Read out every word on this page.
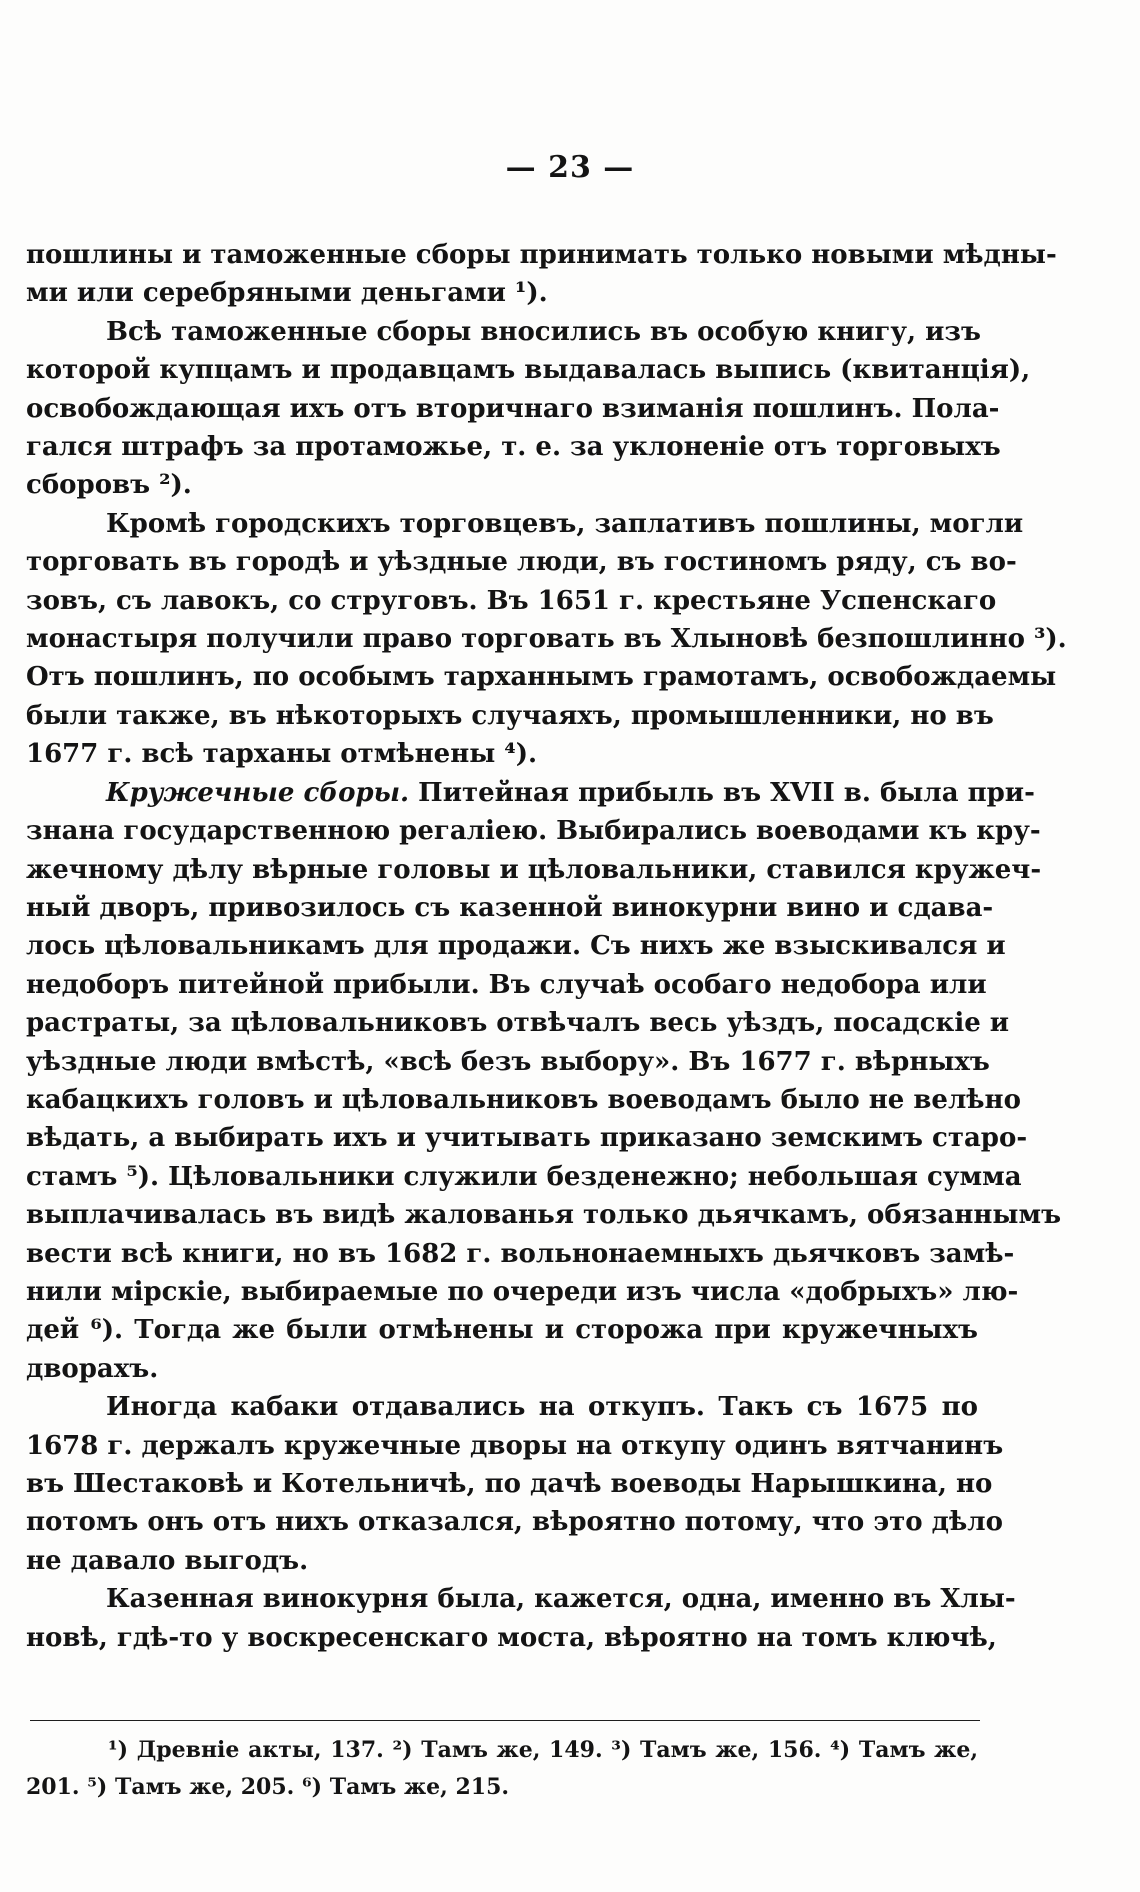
— 23 —

пошлины и таможенные сборы принимать только новыми мѣдны-
ми или серебряными деньгами ¹).

Всѣ таможенные сборы вносились въ особую книгу, изъ
которой купцамъ и продавцамъ выдавалась выпись (квитанція),
освобождающая ихъ отъ вторичнаго взиманія пошлинъ. Пола-
гался штрафъ за протаможье, т. е. за уклоненіе отъ торговыхъ
сборовъ ²).

Кромѣ городскихъ торговцевъ, заплативъ пошлины, могли
торговать въ городѣ и уѣздные люди, въ гостиномъ ряду, съ во-
зовъ, съ лавокъ, со струговъ. Въ 1651 г. крестьяне Успенскаго
монастыря получили право торговать въ Хлыновѣ безпошлинно ³).
Отъ пошлинъ, по особымъ тарханнымъ грамотамъ, освобождаемы
были также, въ нѣкоторыхъ случаяхъ, промышленники, но въ
1677 г. всѣ тарханы отмѣнены ⁴).

Кружечные сборы. Питейная прибыль въ XVII в. была при-
знана государственною регаліею. Выбирались воеводами къ кру-
жечному дѣлу вѣрные головы и цѣловальники, ставился кружеч-
ный дворъ, привозилось съ казенной винокурни вино и сдава-
лось цѣловальникамъ для продажи. Съ нихъ же взыскивался и
недоборъ питейной прибыли. Въ случаѣ особаго недобора или
растраты, за цѣловальниковъ отвѣчалъ весь уѣздъ, посадскіе и
уѣздные люди вмѣстѣ, «всѣ безъ выбору». Въ 1677 г. вѣрныхъ
кабацкихъ головъ и цѣловальниковъ воеводамъ было не велѣно
вѣдать, а выбирать ихъ и учитывать приказано земскимъ старо-
стамъ ⁵). Цѣловальники служили безденежно; небольшая сумма
выплачивалась въ видѣ жалованья только дьячкамъ, обязаннымъ
вести всѣ книги, но въ 1682 г. вольнонаемныхъ дьячковъ замѣ-
нили мірскіе, выбираемые по очереди изъ числа «добрыхъ» лю-
дей ⁶). Тогда же были отмѣнены и сторожа при кружечныхъ
дворахъ.

Иногда кабаки отдавались на откупъ. Такъ съ 1675 по
1678 г. держалъ кружечные дворы на откупу одинъ вятчанинъ
въ Шестаковѣ и Котельничѣ, по дачѣ воеводы Нарышкина, но
потомъ онъ отъ нихъ отказался, вѣроятно потому, что это дѣло
не давало выгодъ.

Казенная винокурня была, кажется, одна, именно въ Хлы-
новѣ, гдѣ-то у воскресенскаго моста, вѣроятно на томъ ключѣ,

¹) Древніе акты, 137. ²) Тамъ же, 149. ³) Тамъ же, 156. ⁴) Тамъ же,
201. ⁵) Тамъ же, 205. ⁶) Тамъ же, 215.
